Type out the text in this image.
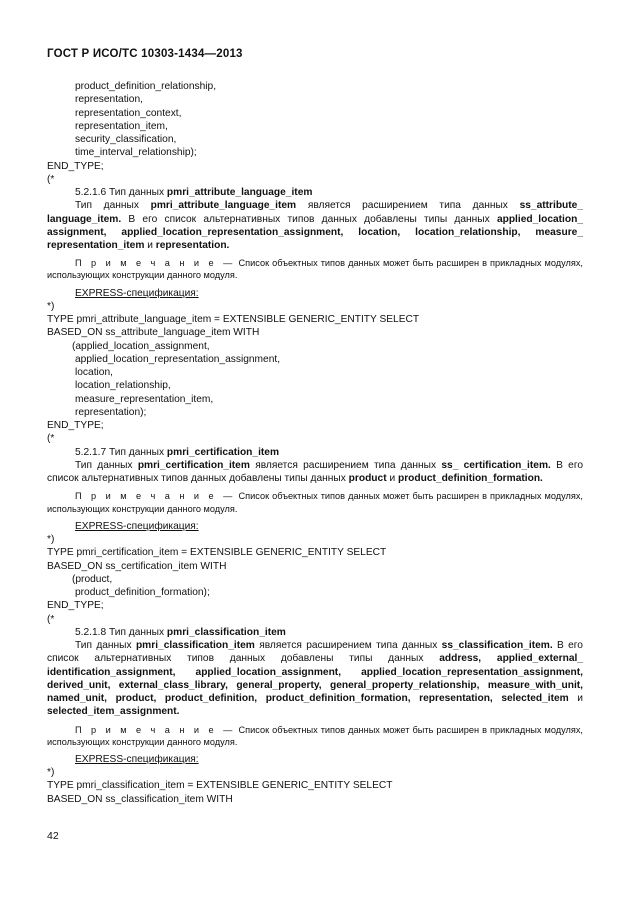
ГОСТ Р ИСО/ТС 10303-1434—2013
product_definition_relationship,
representation,
representation_context,
representation_item,
security_classification,
time_interval_relationship);
END_TYPE;
(*
5.2.1.6 Тип данных pmri_attribute_language_item
Тип данных pmri_attribute_language_item является расширением типа данных ss_attribute_ language_item. В его список альтернативных типов данных добавлены типы данных applied_location_ assignment, applied_location_representation_assignment, location, location_relationship, measure_ representation_item и representation.
П р и м е ч а н и е — Список объектных типов данных может быть расширен в прикладных модулях, использующих конструкции данного модуля.
EXPRESS-спецификация:
*)
TYPE pmri_attribute_language_item = EXTENSIBLE GENERIC_ENTITY SELECT
BASED_ON ss_attribute_language_item WITH
(applied_location_assignment,
applied_location_representation_assignment,
location,
location_relationship,
measure_representation_item,
representation);
END_TYPE;
(*
5.2.1.7 Тип данных pmri_certification_item
Тип данных pmri_certification_item является расширением типа данных ss_ certification_item. В его список альтернативных типов данных добавлены типы данных product и product_definition_formation.
П р и м е ч а н и е — Список объектных типов данных может быть расширен в прикладных модулях, использующих конструкции данного модуля.
EXPRESS-спецификация:
*)
TYPE pmri_certification_item = EXTENSIBLE GENERIC_ENTITY SELECT
BASED_ON ss_certification_item WITH
(product,
product_definition_formation);
END_TYPE;
(*
5.2.1.8 Тип данных pmri_classification_item
Тип данных pmri_classification_item является расширением типа данных ss_classification_item. В его список альтернативных типов данных добавлены типы данных address, applied_external_ identification_assignment, applied_location_assignment, applied_location_representation_assignment, derived_unit, external_class_library, general_property, general_property_relationship, measure_with_unit, named_unit, product, product_definition, product_definition_formation, representation, selected_item и selected_item_assignment.
П р и м е ч а н и е — Список объектных типов данных может быть расширен в прикладных модулях, использующих конструкции данного модуля.
EXPRESS-спецификация:
*)
TYPE pmri_classification_item = EXTENSIBLE GENERIC_ENTITY SELECT
BASED_ON ss_classification_item WITH
42
